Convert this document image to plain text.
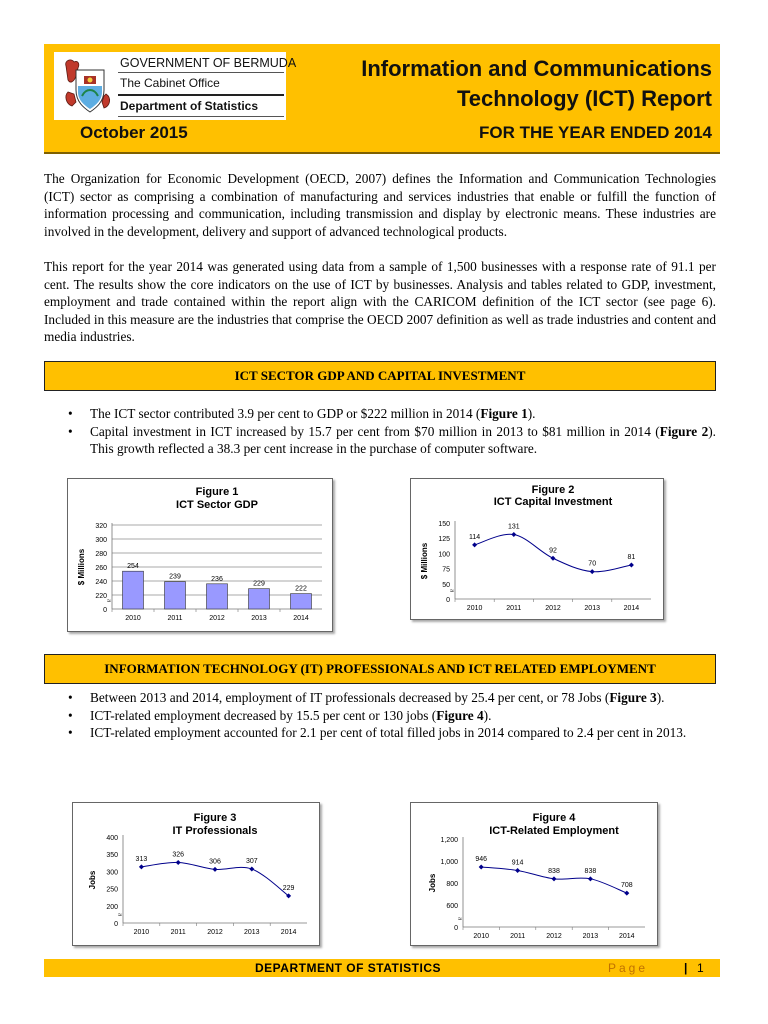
GOVERNMENT OF BERMUDA
The Cabinet Office
Department of Statistics
Information and Communications
Technology (ICT) Report
October 2015	FOR THE YEAR ENDED 2014
The Organization for Economic Development (OECD, 2007) defines the Information and Communication Technologies (ICT) sector as comprising a combination of manufacturing and services industries that enable or fulfill the function of information processing and communication, including transmission and display by electronic means. These industries are involved in the development, delivery and support of advanced technological products.
This report for the year 2014 was generated using data from a sample of 1,500 businesses with a response rate of 91.1 per cent. The results show the core indicators on the use of ICT by businesses. Analysis and tables related to GDP, investment, employment and trade contained within the report align with the CARICOM definition of the ICT sector (see page 6). Included in this measure are the industries that comprise the OECD 2007 definition as well as trade industries and content and media industries.
ICT SECTOR GDP AND CAPITAL INVESTMENT
• The ICT sector contributed 3.9 per cent to GDP or $222 million in 2014 (Figure 1).
• Capital investment in ICT increased by 15.7 per cent from $70 million in 2013 to $81 million in 2014 (Figure 2). This growth reflected a 38.3 per cent increase in the purchase of computer software.
Figure 1
ICT Sector GDP
$ Millions
0
220
240
260
280
300
320
≈
2010	2011	2012	2013	2014
254
239	236
229
222
Figure 2
ICT Capital Investment
$ Millions
0
50
75
100
125
150
≈
2010	2011	2012	2013	2014
114
131
92
70
81
INFORMATION TECHNOLOGY (IT) PROFESSIONALS AND ICT RELATED EMPLOYMENT
• Between 2013 and 2014, employment of IT professionals decreased by 25.4 per cent, or 78 Jobs (Figure 3).
• ICT-related employment decreased by 15.5 per cent or 130 jobs (Figure 4).
• ICT-related employment accounted for 2.1 per cent of total filled jobs in 2014 compared to 2.4 per cent in 2013.
Figure 3
IT Professionals
Jobs
0
200
250
300
350
400
≈
2010	2011	2012	2013	2014
313
326
306	307
229
Figure 4
ICT-Related Employment
Jobs
0
600
800
1,000
1,200
≈
2010	2011	2012	2013	2014
946
914
838	838
708
DEPARTMENT OF STATISTICS	Page	| 1
